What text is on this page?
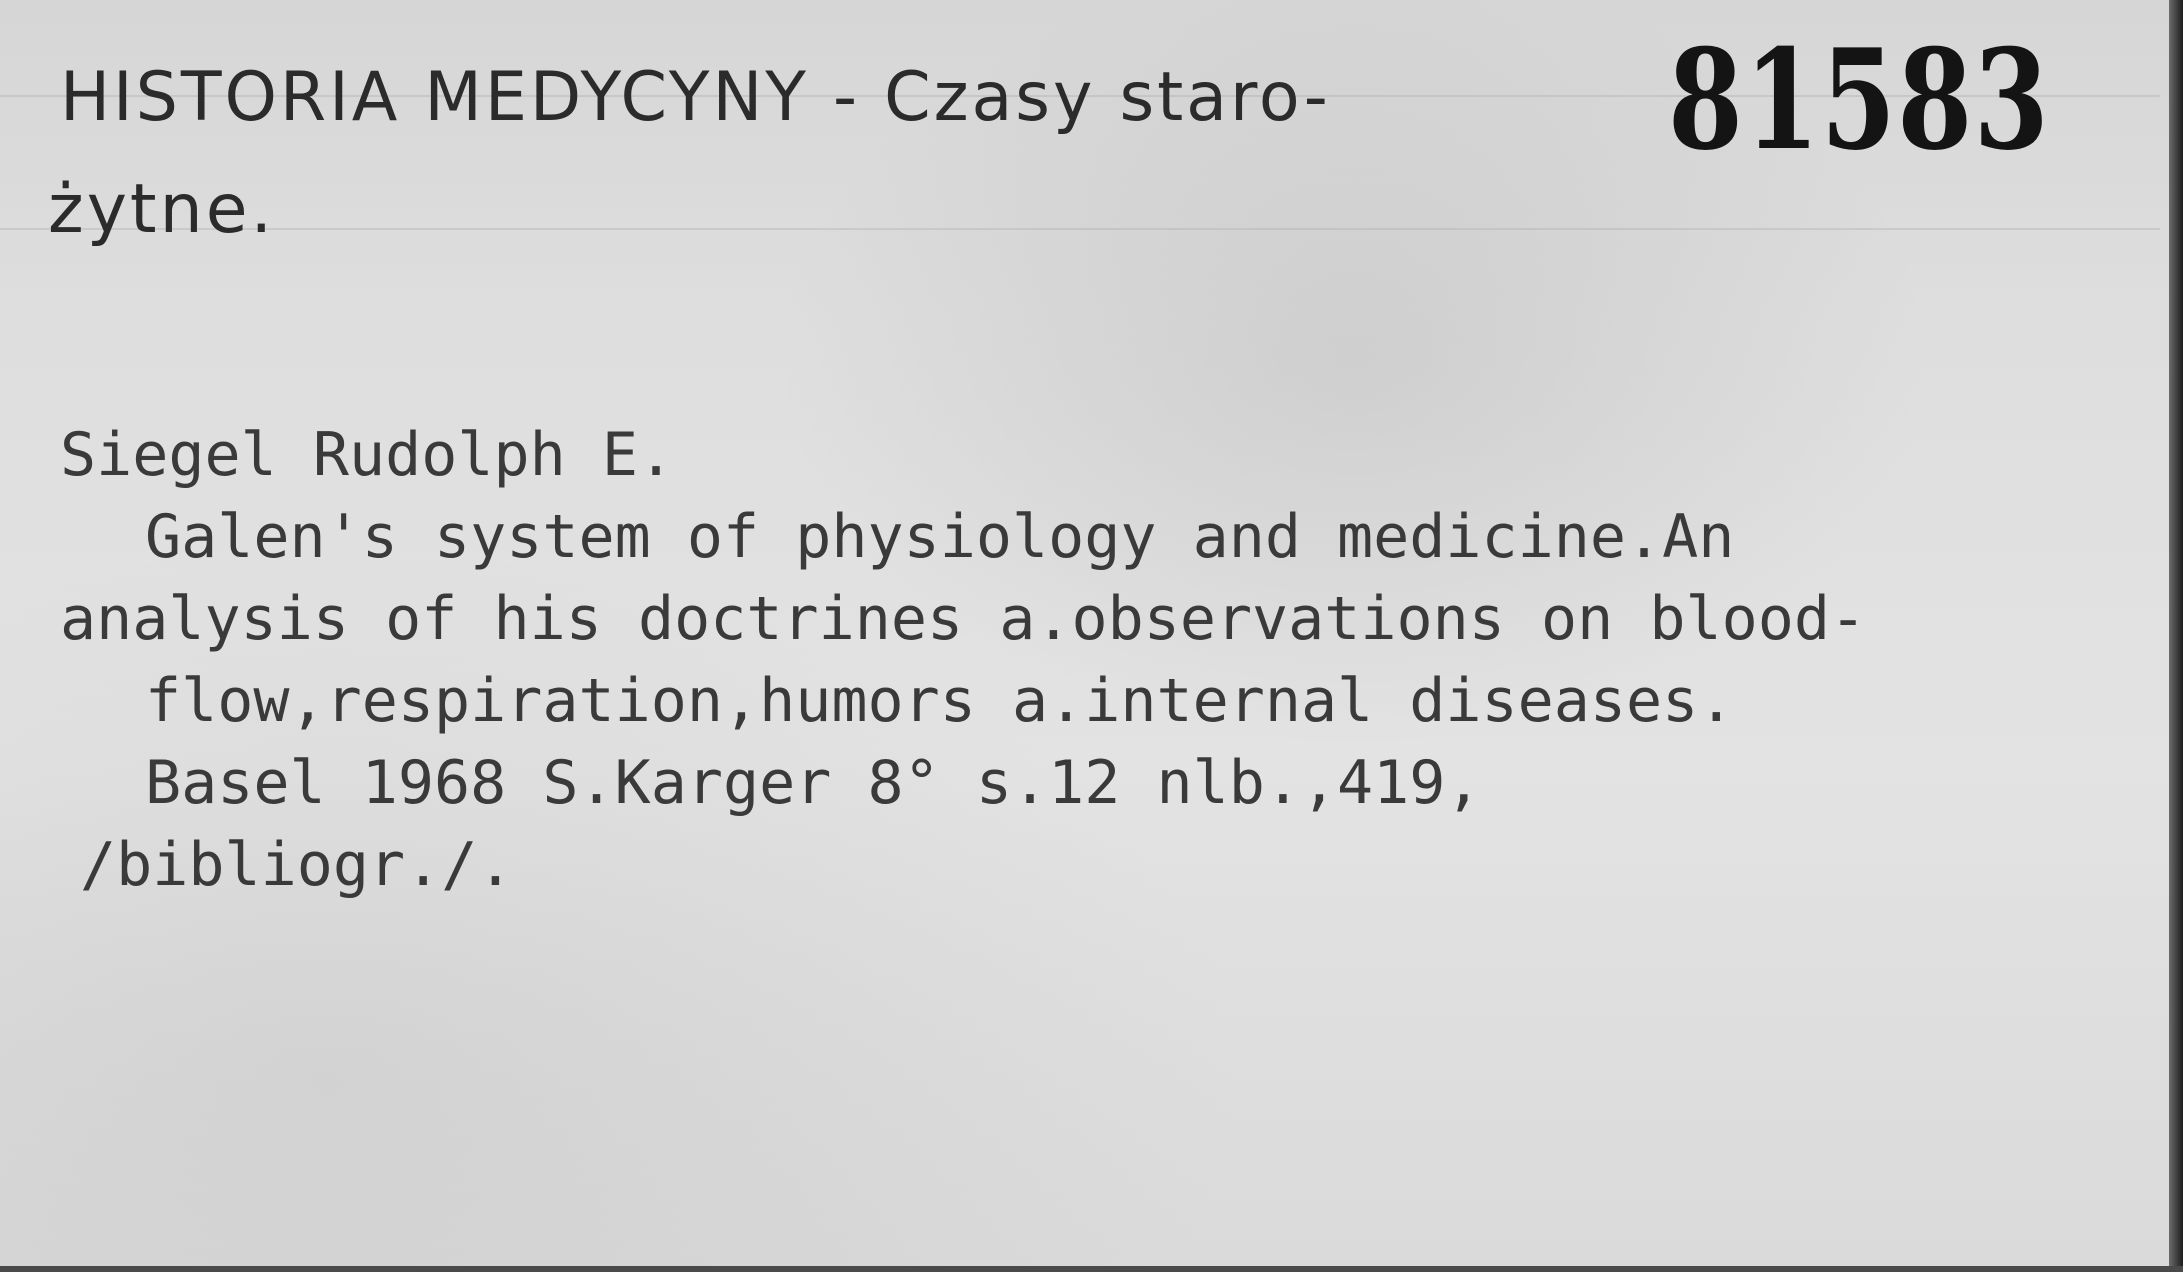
HISTORIA MEDYCYNY - Czasy staro-
żytne.
81583
Siegel Rudolph E.
Galen's system of physiology and medicine.An
analysis of his doctrines a.observations on blood-
flow,respiration,humors a.internal diseases.
Basel 1968 S.Karger 8° s.12 nlb.,419,
/bibliogr./.
